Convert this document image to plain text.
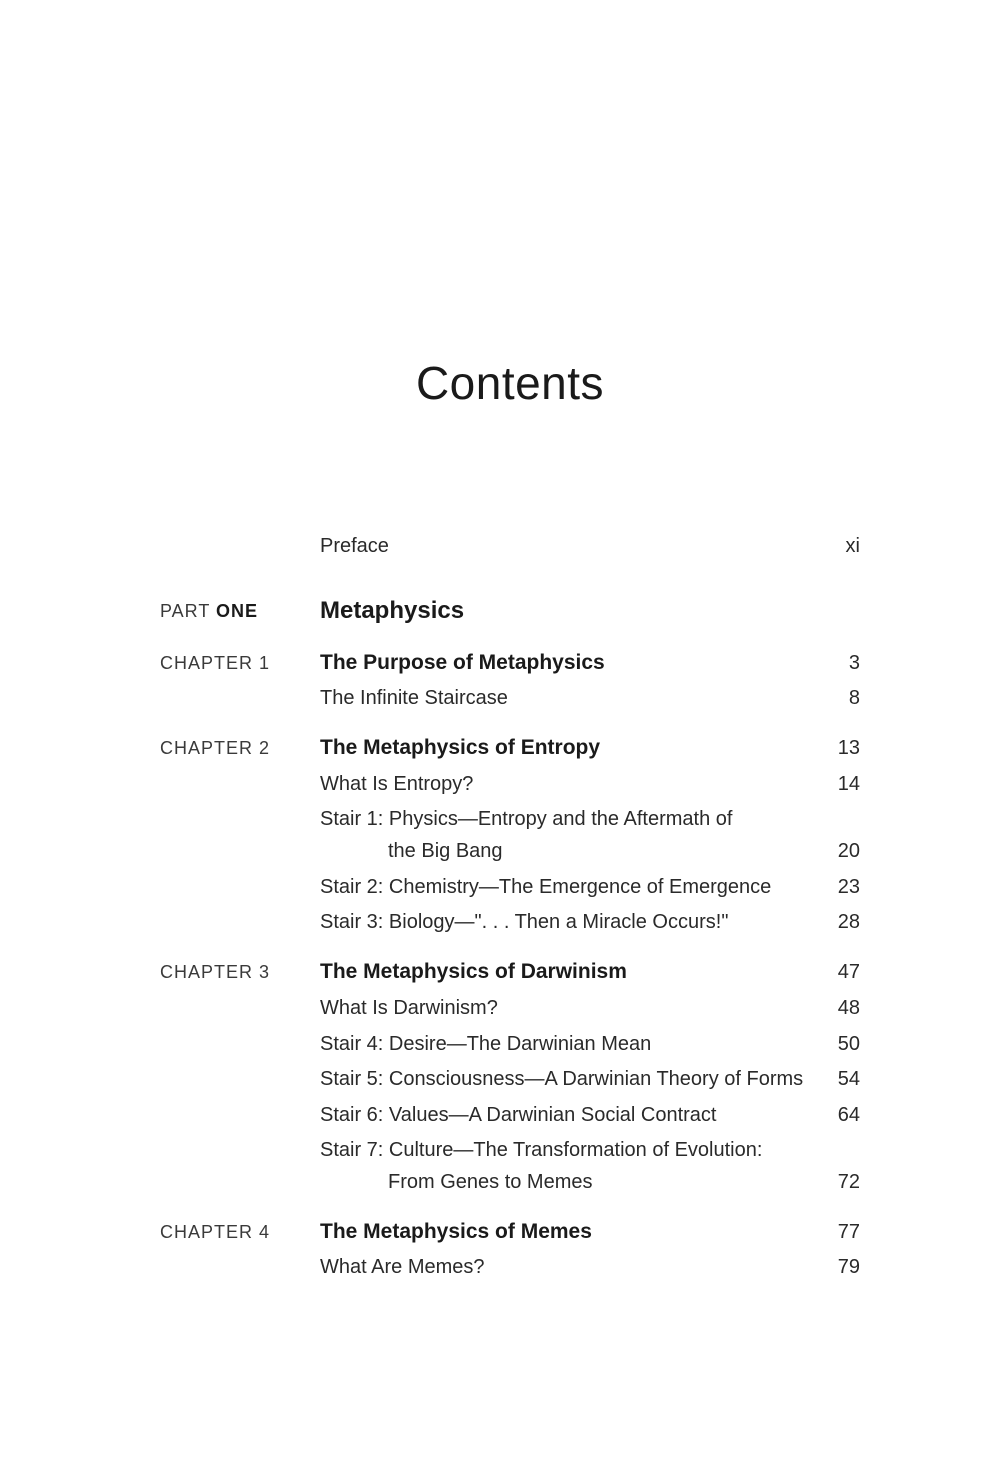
Contents
Preface	xi
PART ONE	Metaphysics
CHAPTER 1 The Purpose of Metaphysics	3
The Infinite Staircase	8
CHAPTER 2 The Metaphysics of Entropy	13
What Is Entropy?	14
Stair 1: Physics—Entropy and the Aftermath of
the Big Bang	20
Stair 2: Chemistry—The Emergence of Emergence	23
Stair 3: Biology—". . . Then a Miracle Occurs!"	28
CHAPTER 3 The Metaphysics of Darwinism	47
What Is Darwinism?	48
Stair 4: Desire—The Darwinian Mean	50
Stair 5: Consciousness—A Darwinian Theory of Forms 54
Stair 6: Values—A Darwinian Social Contract	64
Stair 7: Culture—The Transformation of Evolution:
From Genes to Memes	72
CHAPTER 4 The Metaphysics of Memes	77
What Are Memes?	79
